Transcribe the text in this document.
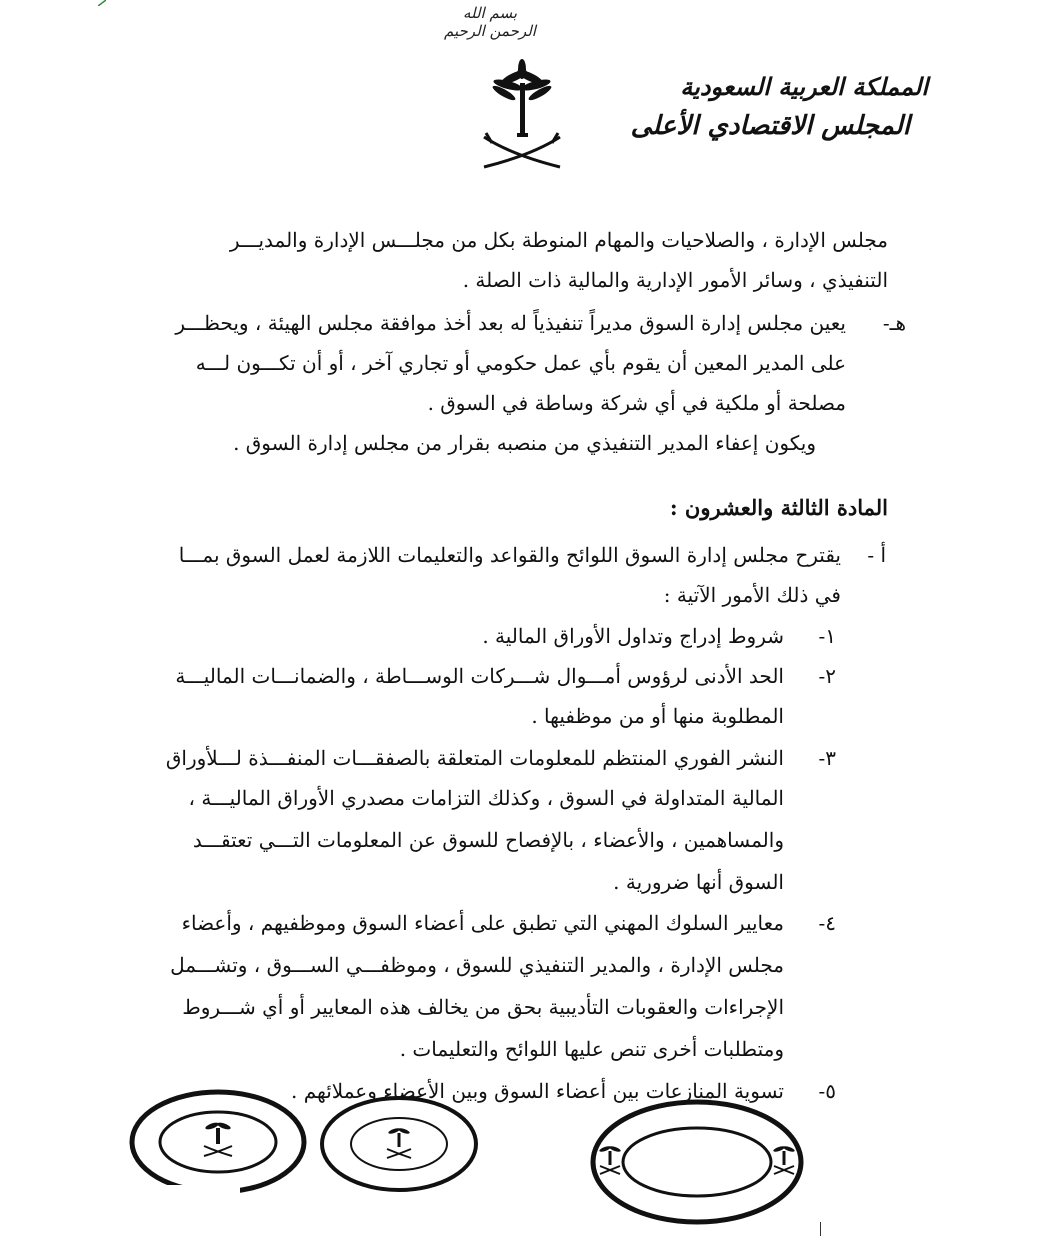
بسم الله الرحمن الرحيم
المملكة العربية السعودية
المجلس الاقتصادي الأعلى
مجلس الإدارة ، والصلاحيات والمهام المنوطة بكل من مجلـــس الإدارة والمديـــر
التنفيذي ، وسائر الأمور الإدارية والمالية ذات الصلة .
هـ-
يعين مجلس إدارة السوق مديراً تنفيذياً له بعد أخذ موافقة مجلس الهيئة ، ويحظـــر
على المدير المعين أن يقوم بأي عمل حكومي أو تجاري آخر ، أو أن تكـــون لـــه
مصلحة أو ملكية في أي شركة وساطة في السوق .
ويكون إعفاء المدير التنفيذي من منصبه بقرار من مجلس إدارة السوق .
المادة الثالثة والعشرون :
أ -
يقترح مجلس إدارة السوق اللوائح والقواعد والتعليمات اللازمة لعمل السوق بمـــا
في ذلك الأمور الآتية :
١-
شروط إدراج وتداول الأوراق المالية .
٢-
الحد الأدنى لرؤوس أمـــوال شـــركات الوســـاطة ، والضمانـــات الماليـــة
المطلوبة منها أو من موظفيها .
٣-
النشر الفوري المنتظم للمعلومات المتعلقة بالصفقـــات المنفـــذة لـــلأوراق
المالية المتداولة في السوق ، وكذلك التزامات مصدري الأوراق الماليـــة ،
والمساهمين ، والأعضاء ، بالإفصاح للسوق عن المعلومات التـــي تعتقـــد
السوق أنها ضرورية .
٤-
معايير السلوك المهني التي تطبق على أعضاء السوق وموظفيهم ، وأعضاء
مجلس الإدارة ، والمدير التنفيذي للسوق ، وموظفـــي الســـوق ، وتشـــمل
الإجراءات والعقوبات التأديبية بحق من يخالف هذه المعايير أو أي شـــروط
ومتطلبات أخرى تنص عليها اللوائح والتعليمات .
٥-
تسوية المنازعات بين أعضاء السوق وبين الأعضاء وعملائهم .
